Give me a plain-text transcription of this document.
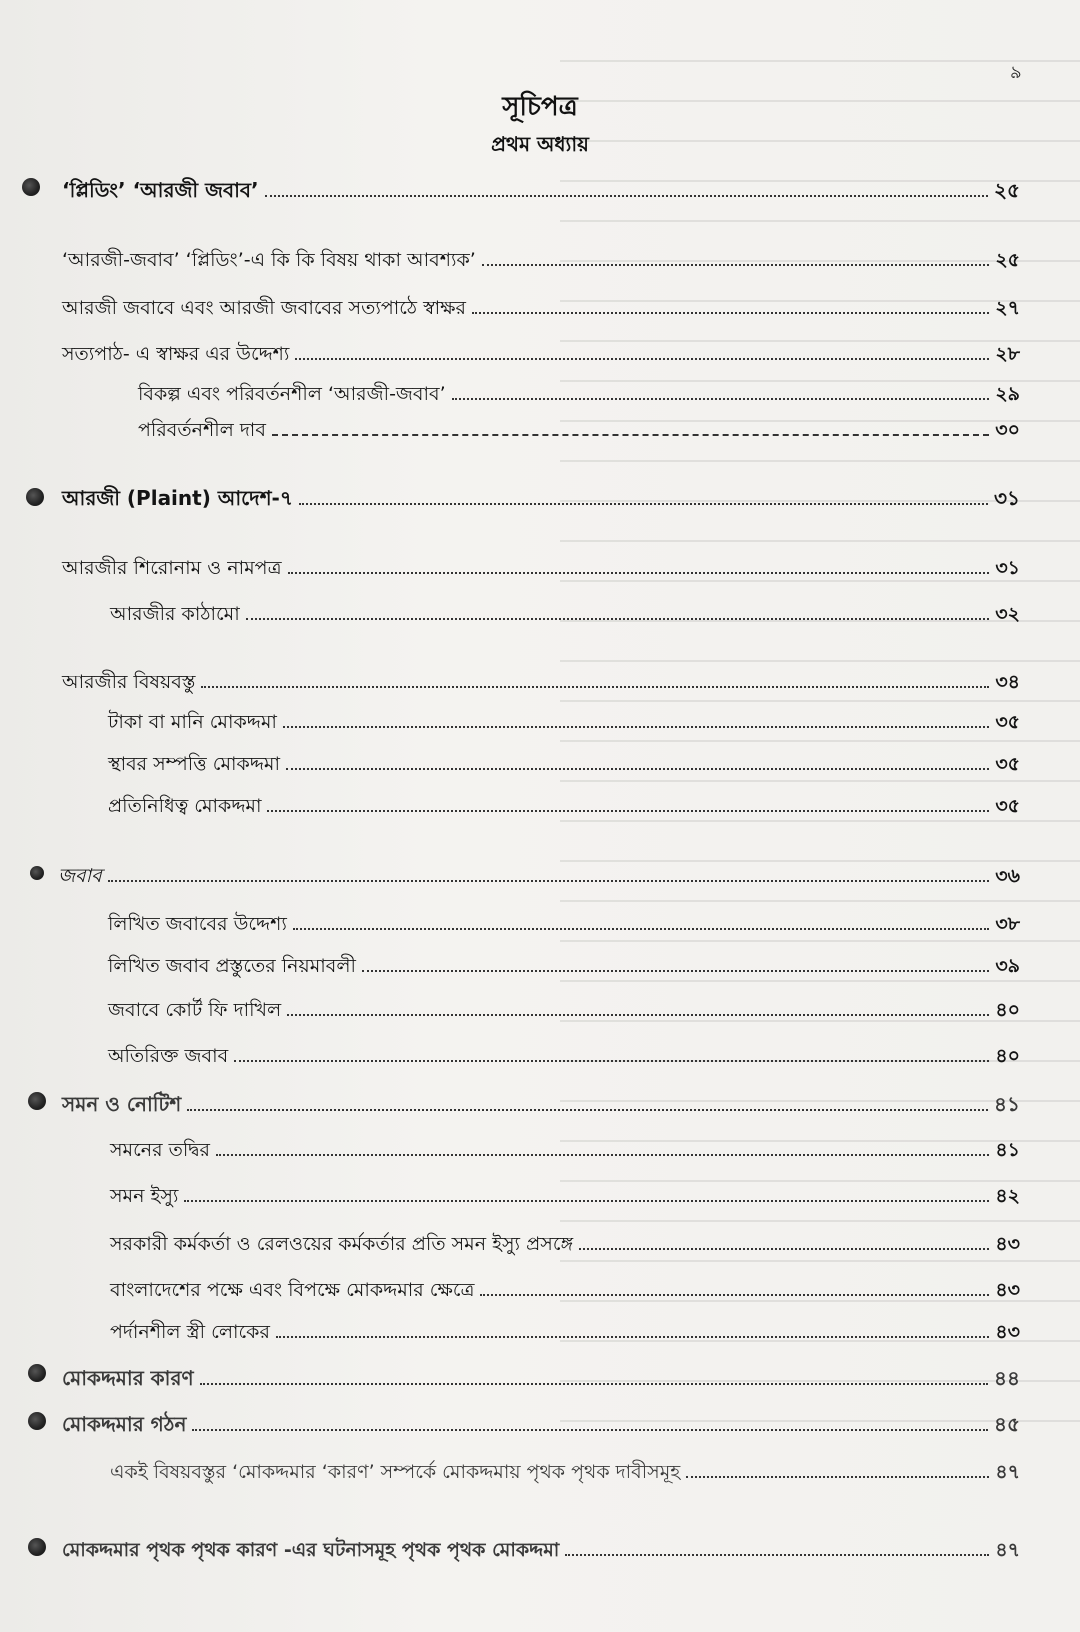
৯
সূচিপত্র
প্রথম অধ্যায়
‘প্লিডিং’ ‘আরজী জবাব’	২৫
‘আরজী-জবাব’ ‘প্লিডিং’-এ কি কি বিষয় থাকা আবশ্যক’	২৫
আরজী জবাবে এবং আরজী জবাবের সত্যপাঠে স্বাক্ষর	২৭
সত্যপাঠ- এ স্বাক্ষর এর উদ্দেশ্য	২৮
বিকল্প এবং পরিবর্তনশীল ‘আরজী-জবাব’	২৯
পরিবর্তনশীল দাব	৩০
আরজী (Plaint) আদেশ-৭	৩১
আরজীর শিরোনাম ও নামপত্র	৩১
আরজীর কাঠামো	৩২
আরজীর বিষয়বস্তু	৩৪
টাকা বা মানি মোকদ্দমা	৩৫
স্থাবর সম্পত্তি মোকদ্দমা	৩৫
প্রতিনিধিত্ব মোকদ্দমা	৩৫
জবাব	৩৬
লিখিত জবাবের উদ্দেশ্য	৩৮
লিখিত জবাব প্রস্তুতের নিয়মাবলী	৩৯
জবাবে কোর্ট ফি দাখিল	৪০
অতিরিক্ত জবাব	৪০
সমন ও নোটিশ	৪১
সমনের তদ্বির	৪১
সমন ইস্যু	৪২
সরকারী কর্মকর্তা ও রেলওয়ের কর্মকর্তার প্রতি সমন ইস্যু প্রসঙ্গে	৪৩
বাংলাদেশের পক্ষে এবং বিপক্ষে মোকদ্দমার ক্ষেত্রে	৪৩
পর্দানশীল স্ত্রী লোকের	৪৩
মোকদ্দমার কারণ	৪৪
মোকদ্দমার গঠন	৪৫
একই বিষয়বস্তুর ‘মোকদ্দমার ‘কারণ’ সম্পর্কে মোকদ্দমায় পৃথক পৃথক দাবীসমূহ	৪৭
মোকদ্দমার পৃথক পৃথক কারণ -এর ঘটনাসমূহ পৃথক পৃথক মোকদ্দমা	৪৭
